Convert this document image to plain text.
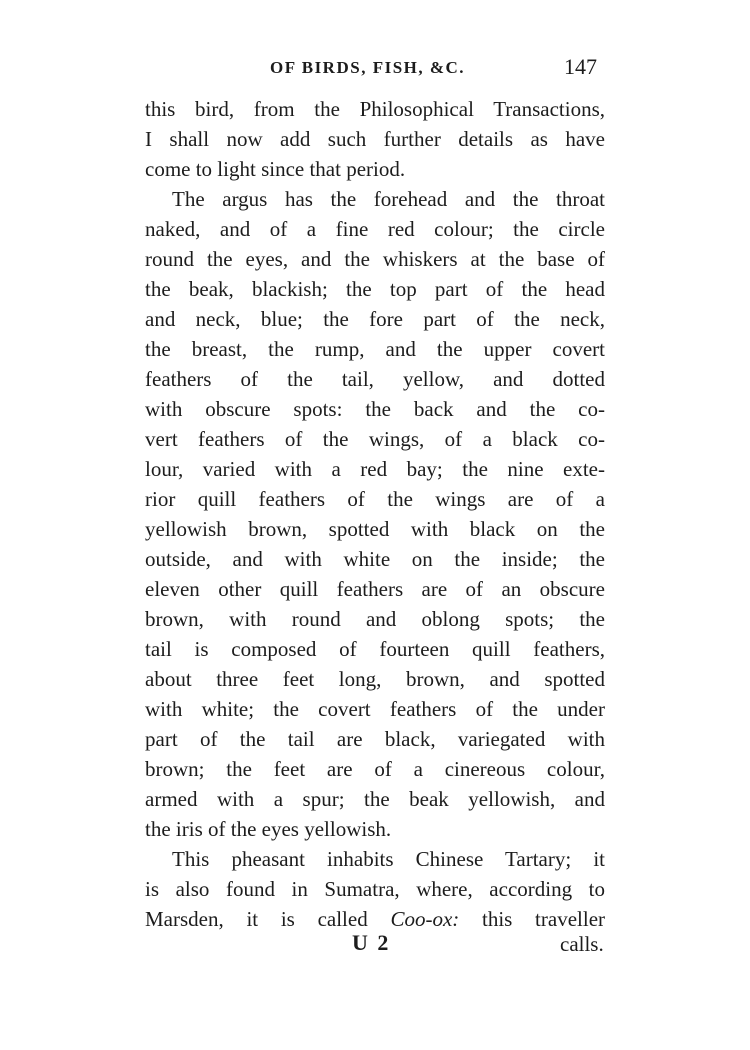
OF BIRDS, FISH, &C.	147
this bird, from the Philosophical Transactions,
I shall now add such further details as have
come to light since that period.
The argus has the forehead and the throat
naked, and of a fine red colour; the circle
round the eyes, and the whiskers at the base of
the beak, blackish; the top part of the head
and neck, blue; the fore part of the neck,
the breast, the rump, and the upper covert
feathers of the tail, yellow, and dotted
with obscure spots: the back and the co-
vert feathers of the wings, of a black co-
lour, varied with a red bay; the nine exte-
rior quill feathers of the wings are of a
yellowish brown, spotted with black on the
outside, and with white on the inside; the
eleven other quill feathers are of an obscure
brown, with round and oblong spots; the
tail is composed of fourteen quill feathers,
about three feet long, brown, and spotted
with white; the covert feathers of the under
part of the tail are black, variegated with
brown; the feet are of a cinereous colour,
armed with a spur; the beak yellowish, and
the iris of the eyes yellowish.
This pheasant inhabits Chinese Tartary; it
is also found in Sumatra, where, according to
Marsden, it is called Coo-ox: this traveller
U 2	calls.
